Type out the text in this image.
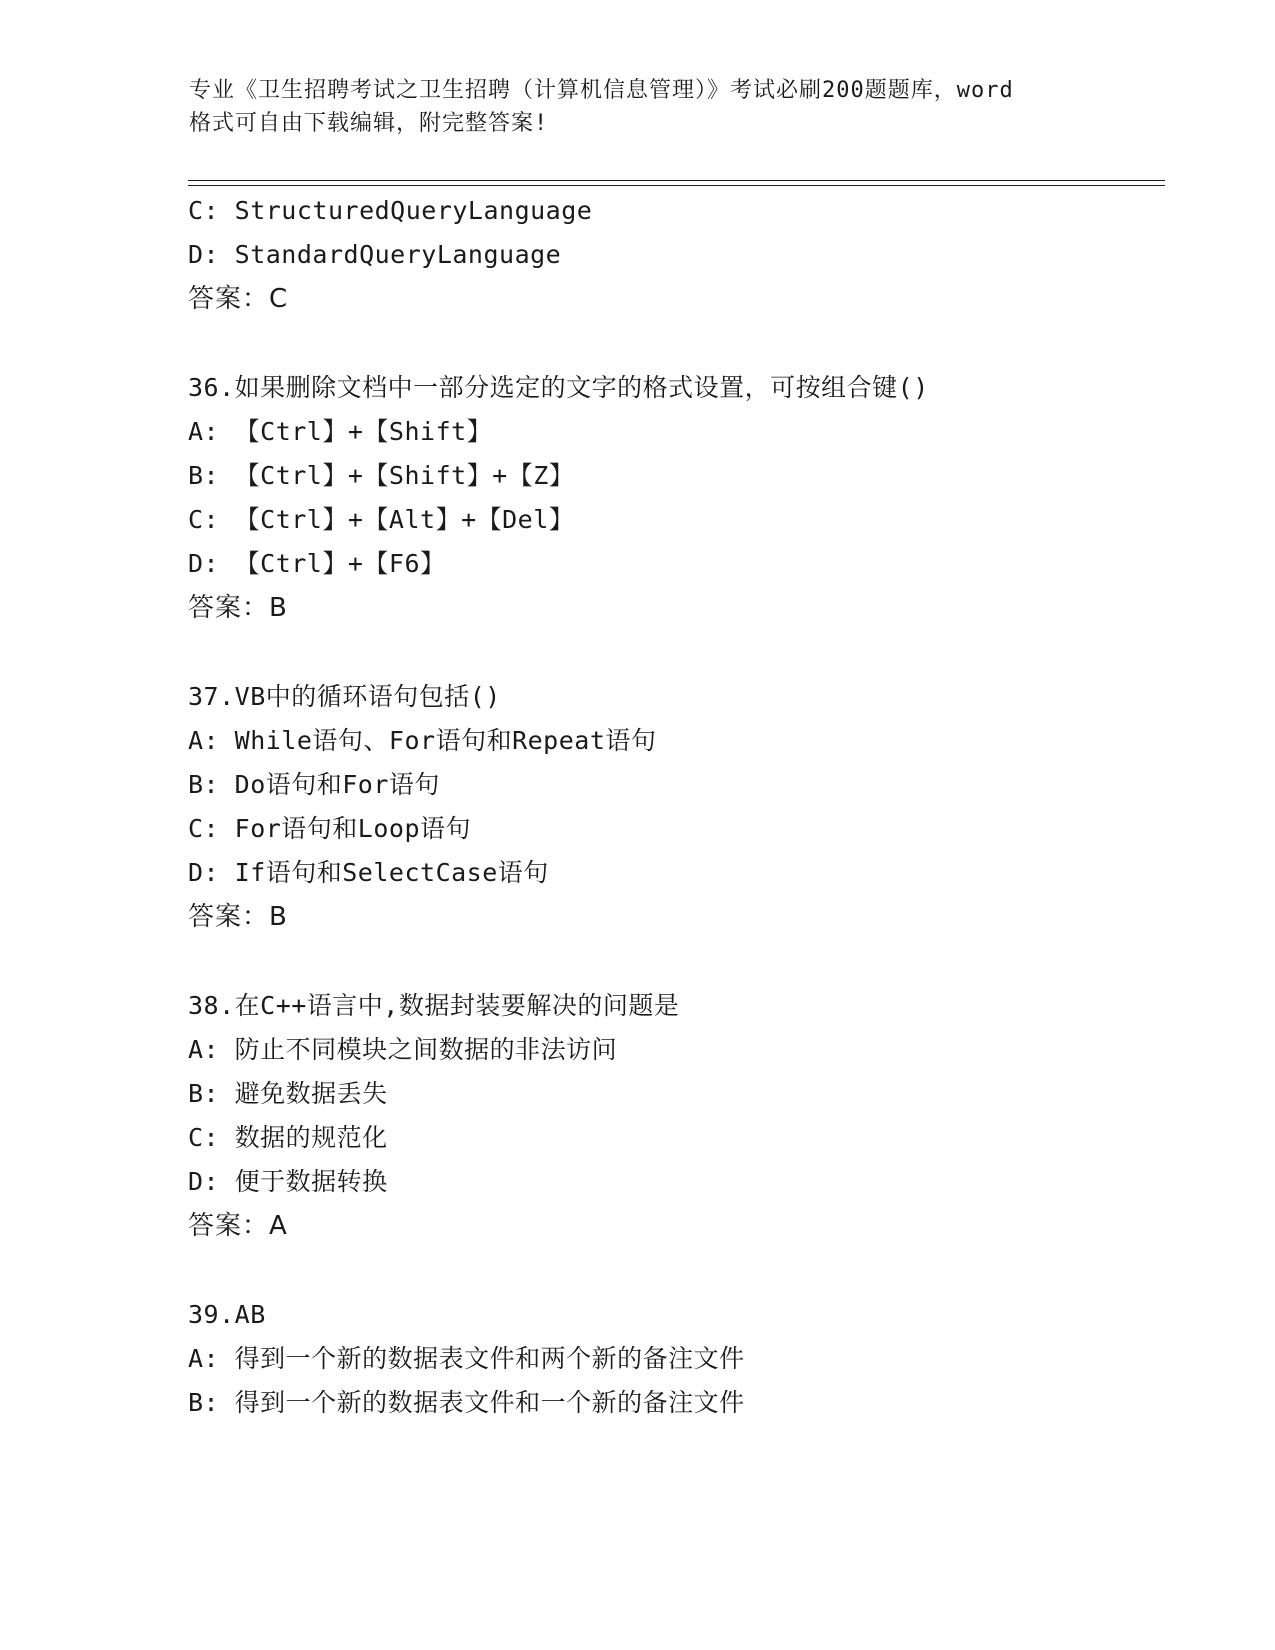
专业《卫生招聘考试之卫生招聘（计算机信息管理）》考试必刷200题题库，word
格式可自由下载编辑，附完整答案!
C: StructuredQueryLanguage
D: StandardQueryLanguage
答案：C
36.如果删除文档中一部分选定的文字的格式设置，可按组合键()
A: 【Ctrl】+【Shift】
B: 【Ctrl】+【Shift】+【Z】
C: 【Ctrl】+【Alt】+【Del】
D: 【Ctrl】+【F6】
答案：B
37.VB中的循环语句包括()
A: While语句、For语句和Repeat语句
B: Do语句和For语句
C: For语句和Loop语句
D: If语句和SelectCase语句
答案：B
38.在C++语言中,数据封装要解决的问题是
A: 防止不同模块之间数据的非法访问
B: 避免数据丢失
C: 数据的规范化
D: 便于数据转换
答案：A
39.AB
A: 得到一个新的数据表文件和两个新的备注文件
B: 得到一个新的数据表文件和一个新的备注文件
